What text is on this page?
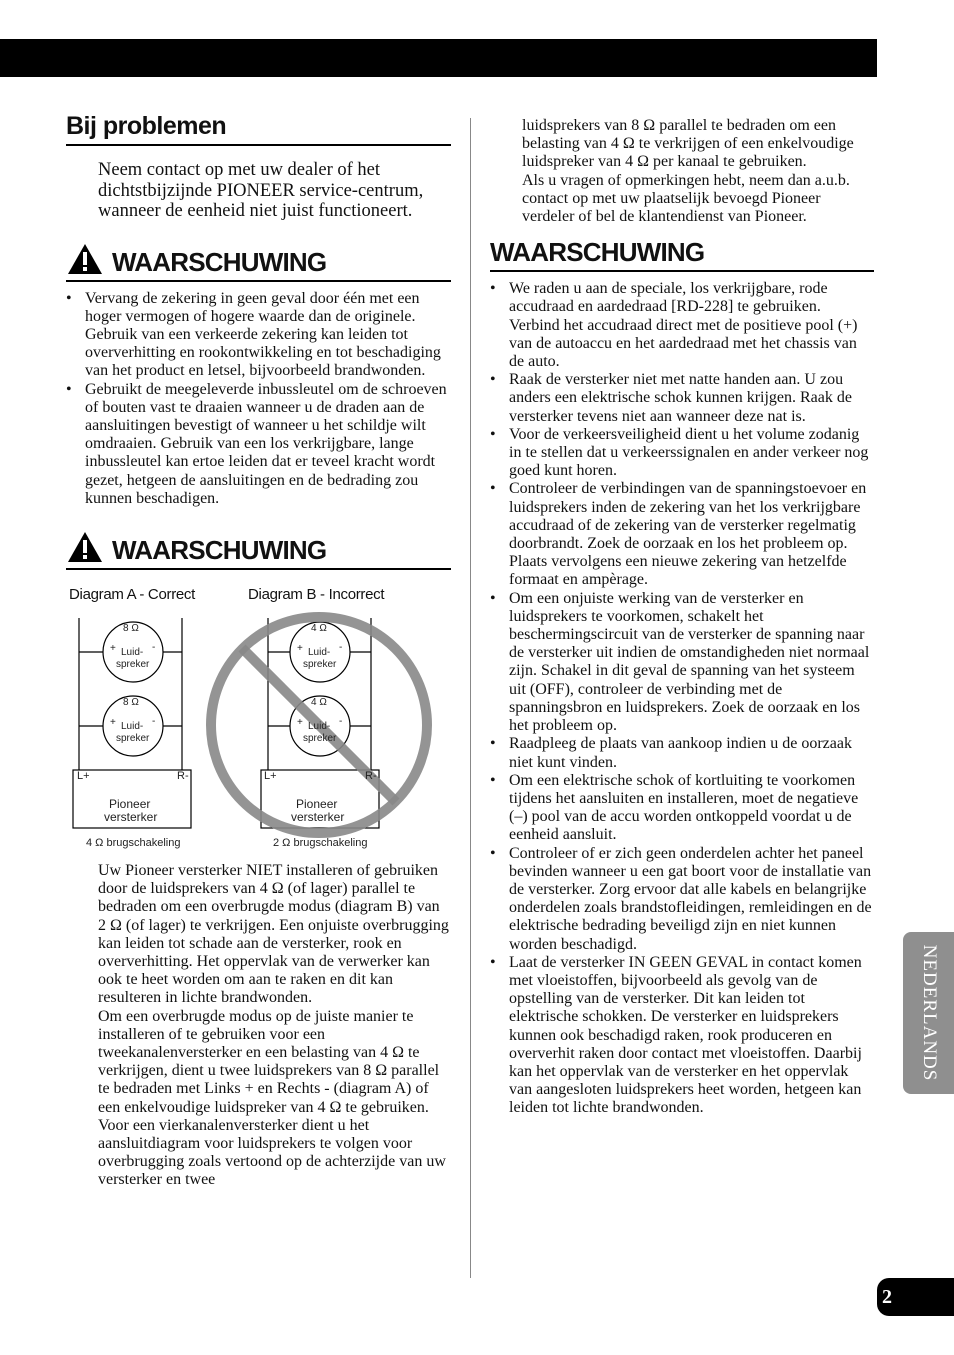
Bij problemen

Neem contact op met uw dealer of het dichtstbijzijnde PIONEER service-centrum, wanneer de eenheid niet juist functioneert.

WAARSCHUWING
• Vervang de zekering in geen geval door één met een hoger vermogen of hogere waarde dan de originele. Gebruik van een verkeerde zekering kan leiden tot oververhitting en rookontwikkeling en tot beschadiging van het product en letsel, bijvoorbeeld brandwonden.
• Gebruikt de meegeleverde inbussleutel om de schroeven of bouten vast te draaien wanneer u de draden aan de aansluitingen bevestigt of wanneer u het schildje wilt omdraaien. Gebruik van een los verkrijgbare, lange inbussleutel kan ertoe leiden dat er teveel kracht wordt gezet, hetgeen de aansluitingen en de bedrading zou kunnen beschadigen.
WAARSCHUWING
Diagram A - Correct	Diagram B - Incorrect
8 Ω
+	-
Luid-
spreker
8 Ω
+	-
Luid-
spreker
L+	R-
Pioneer
versterker
4 Ω brugschakeling
4 Ω
+	-
Luid-
spreker
4 Ω
+	-
Luid-
spreker
L+	R-
Pioneer
versterker
2 Ω brugschakeling

Uw Pioneer versterker NIET installeren of gebruiken door de luidsprekers van 4 Ω (of lager) parallel te bedraden om een overbrugde modus (diagram B) van 2 Ω (of lager) te verkrijgen. Een onjuiste overbrugging kan leiden tot schade aan de versterker, rook en oververhitting. Het oppervlak van de verwerker kan ook te heet worden om aan te raken en dit kan resulteren in lichte brandwonden.

Om een overbrugde modus op de juiste manier te installeren of te gebruiken voor een tweekanalenversterker en een belasting van 4 Ω te verkrijgen, dient u twee luidsprekers van 8 Ω parallel te bedraden met Links + en Rechts - (diagram A) of een enkelvoudige luidspreker van 4 Ω te gebruiken. Voor een vierkanalenversterker dient u het aansluitdiagram voor luidsprekers te volgen voor overbrugging zoals vertoond op de achterzijde van uw versterker en twee

luidsprekers van 8 Ω parallel te bedraden om een belasting van 4 Ω te verkrijgen of een enkelvoudige luidspreker van 4 Ω per kanaal te gebruiken.

Als u vragen of opmerkingen hebt, neem dan a.u.b. contact op met uw plaatselijk bevoegd Pioneer verdeler of bel de klantendienst van Pioneer.

WAARSCHUWING
• We raden u aan de speciale, los verkrijgbare, rode accudraad en aardedraad [RD-228] te gebruiken. Verbind het accudraad direct met de positieve pool (+) van de autoaccu en het aardedraad met het chassis van de auto.
• Raak de versterker niet met natte handen aan. U zou anders een elektrische schok kunnen krijgen. Raak de versterker tevens niet aan wanneer deze nat is.
• Voor de verkeersveiligheid dient u het volume zodanig in te stellen dat u verkeerssignalen en ander verkeer nog goed kunt horen.
• Controleer de verbindingen van de spanningstoevoer en luidsprekers inden de zekering van het los verkrijgbare accudraad of de zekering van de versterker regelmatig doorbrandt. Zoek de oorzaak en los het probleem op. Plaats vervolgens een nieuwe zekering van hetzelfde formaat en ampèrage.
• Om een onjuiste werking van de versterker en luidsprekers te voorkomen, schakelt het beschermingscircuit van de versterker de spanning naar de versterker uit indien de omstandigheden niet normaal zijn. Schakel in dit geval de spanning van het systeem uit (OFF), controleer de verbinding met de spanningsbron en luidsprekers. Zoek de oorzaak en los het probleem op.
• Raadpleeg de plaats van aankoop indien u de oorzaak niet kunt vinden.
• Om een elektrische schok of kortluiting te voorkomen tijdens het aansluiten en installeren, moet de negatieve (–) pool van de accu worden ontkoppeld voordat u de eenheid aansluit.
• Controleer of er zich geen onderdelen achter het paneel bevinden wanneer u een gat boort voor de installatie van de versterker. Zorg ervoor dat alle kabels en belangrijke onderdelen zoals brandstofleidingen, remleidingen en de elektrische bedrading beveiligd zijn en niet kunnen worden beschadigd.
• Laat de versterker IN GEEN GEVAL in contact komen met vloeistoffen, bijvoorbeeld als gevolg van de opstelling van de versterker. Dit kan leiden tot elektrische schokken. De versterker en luidsprekers kunnen ook beschadigd raken, rook produceren en oververhit raken door contact met vloeistoffen. Daarbij kan het oppervlak van de versterker en het oppervlak van aangesloten luidsprekers heet worden, hetgeen kan leiden tot lichte brandwonden.
NEDERLANDS
2
